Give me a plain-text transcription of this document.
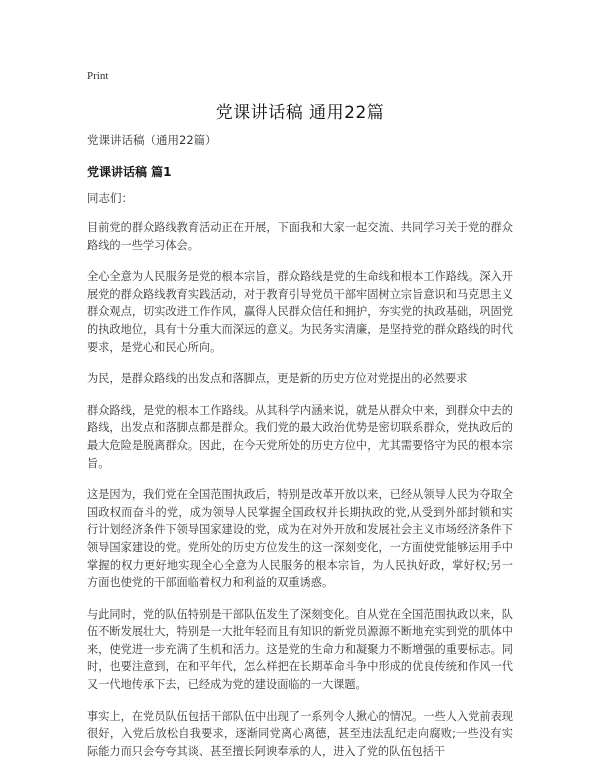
Print
党课讲话稿 通用22篇

党课讲话稿（通用22篇）

党课讲话稿 篇1

同志们：

目前党的群众路线教育活动正在开展，下面我和大家一起交流、共同学习关于党的群众路线的一些学习体会。

全心全意为人民服务是党的根本宗旨，群众路线是党的生命线和根本工作路线。深入开展党的群众路线教育实践活动，对于教育引导党员干部牢固树立宗旨意识和马克思主义群众观点，切实改进工作作风，赢得人民群众信任和拥护，夯实党的执政基础，巩固党的执政地位，具有十分重大而深远的意义。为民务实清廉，是坚持党的群众路线的时代要求，是党心和民心所向。

为民，是群众路线的出发点和落脚点，更是新的历史方位对党提出的必然要求

群众路线，是党的根本工作路线。从其科学内涵来说，就是从群众中来，到群众中去的路线，出发点和落脚点都是群众。我们党的最大政治优势是密切联系群众，党执政后的最大危险是脱离群众。因此，在今天党所处的历史方位中，尤其需要恪守为民的根本宗旨。

这是因为，我们党在全国范围执政后，特别是改革开放以来，已经从领导人民为夺取全国政权而奋斗的党，成为领导人民掌握全国政权并长期执政的党,从受到外部封锁和实行计划经济条件下领导国家建设的党，成为在对外开放和发展社会主义市场经济条件下领导国家建设的党。党所处的历史方位发生的这一深刻变化，一方面使党能够运用手中掌握的权力更好地实现全心全意为人民服务的根本宗旨，为人民执好政，掌好权;另一方面也使党的干部面临着权力和利益的双重诱惑。

与此同时，党的队伍特别是干部队伍发生了深刻变化。自从党在全国范围执政以来，队伍不断发展壮大，特别是一大批年轻而且有知识的新党员源源不断地充实到党的肌体中来，使党进一步充满了生机和活力。这是党的生命力和凝聚力不断增强的重要标志。同时，也要注意到，在和平年代，怎么样把在长期革命斗争中形成的优良传统和作风一代又一代地传承下去，已经成为党的建设面临的一大课题。

事实上，在党员队伍包括干部队伍中出现了一系列令人揪心的情况。一些人入党前表现很好，入党后放松自我要求，逐渐同党离心离德，甚至违法乱纪走向腐败;一些没有实际能力而只会夸夸其谈、甚至擅长阿谀奉承的人，进入了党的队伍包括干
